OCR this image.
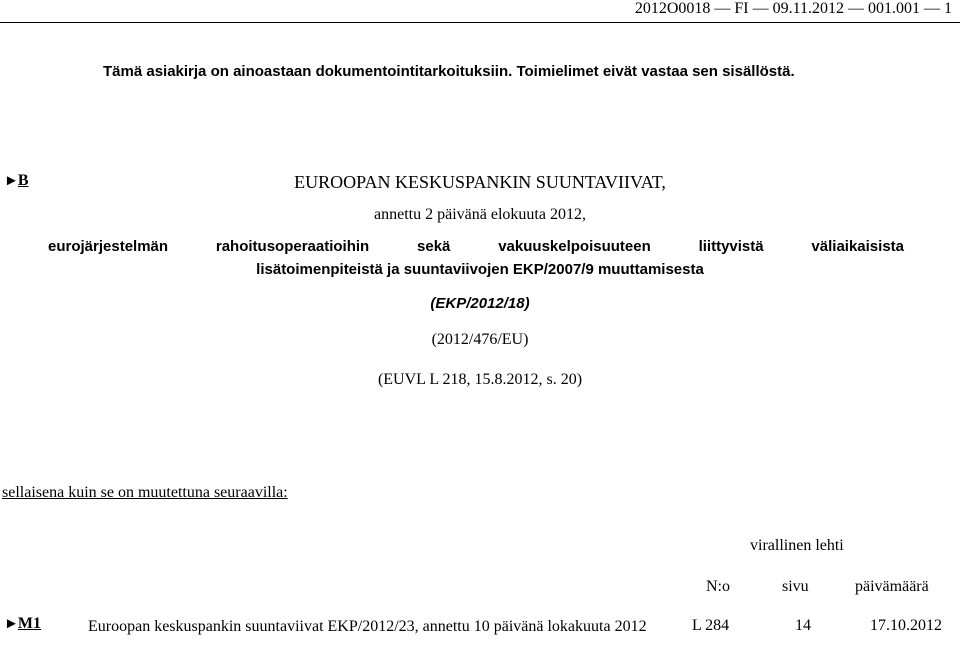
2012O0018 — FI — 09.11.2012 — 001.001 — 1
Tämä asiakirja on ainoastaan dokumentointitarkoituksiin. Toimielimet eivät vastaa sen sisällöstä.
►B	EUROOPAN KESKUSPANKIN SUUNTAVIIVAT,
annettu 2 päivänä elokuuta 2012,
eurojärjestelmän rahoitusoperaatioihin sekä vakuuskelpoisuuteen liittyvistä väliaikaisista
lisätoimenpiteistä ja suuntaviivojen EKP/2007/9 muuttamisesta
(EKP/2012/18)
(2012/476/EU)
(EUVL L 218, 15.8.2012, s. 20)
sellaisena kuin se on muutettuna seuraavilla:
virallinen lehti
N:o	sivu	päivämäärä
►M1	Euroopan keskuspankin suuntaviivat EKP/2012/23, annettu 10 päivänä lokakuuta 2012	L 284	14	17.10.2012
